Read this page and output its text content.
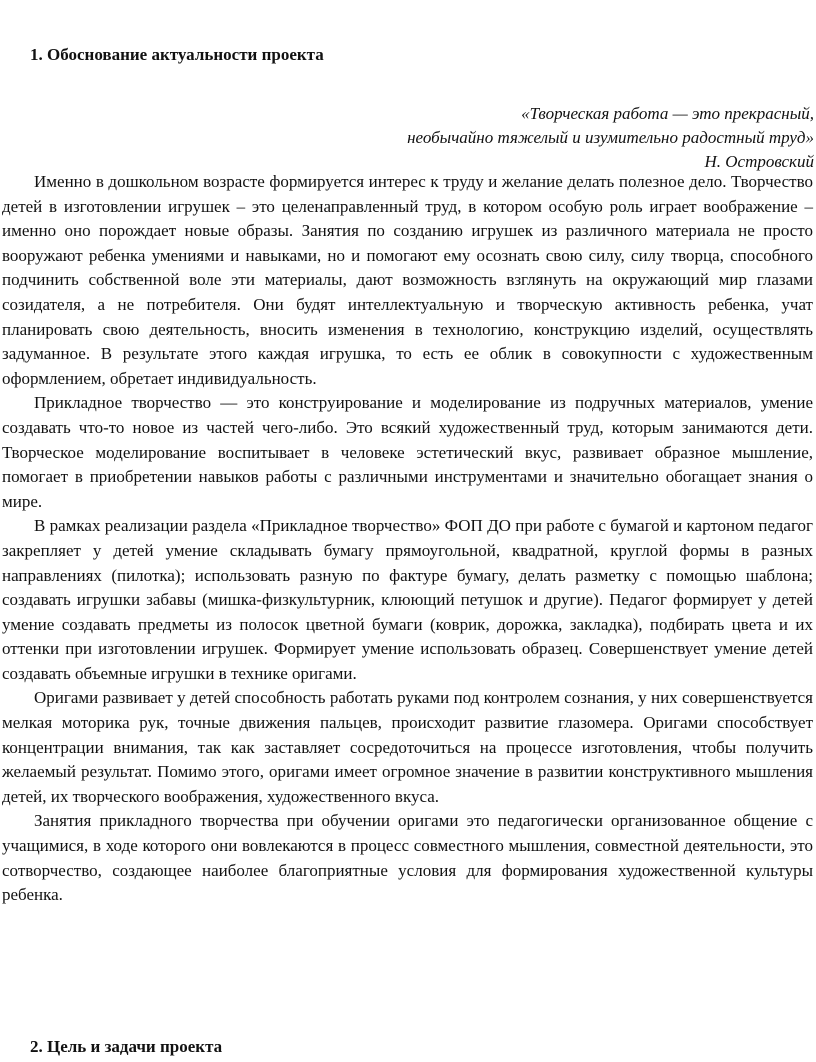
1. Обоснование актуальности проекта
«Творческая работа — это прекрасный,
необычайно тяжелый и изумительно радостный труд»
Н. Островский

Именно в дошкольном возрасте формируется интерес к труду и желание делать полезное дело. Творчество детей в изготовлении игрушек – это целенаправленный труд, в котором особую роль играет воображение – именно оно порождает новые образы. Занятия по созданию игрушек из различного материала не просто вооружают ребенка умениями и навыками, но и помогают ему осознать свою силу, силу творца, способного подчинить собственной воле эти материалы, дают возможность взглянуть на окружающий мир глазами созидателя, а не потребителя. Они будят интеллектуальную и творческую активность ребенка, учат планировать свою деятельность, вносить изменения в технологию, конструкцию изделий, осуществлять задуманное. В результате этого каждая игрушка, то есть ее облик в совокупности с художественным оформлением, обретает индивидуальность.

Прикладное творчество — это конструирование и моделирование из подручных материалов, умение создавать что-то новое из частей чего-либо. Это всякий художественный труд, которым занимаются дети. Творческое моделирование воспитывает в человеке эстетический вкус, развивает образное мышление, помогает в приобретении навыков работы с различными инструментами и значительно обогащает знания о мире.

В рамках реализации раздела «Прикладное творчество» ФОП ДО при работе с бумагой и картоном педагог закрепляет у детей умение складывать бумагу прямоугольной, квадратной, круглой формы в разных направлениях (пилотка); использовать разную по фактуре бумагу, делать разметку с помощью шаблона; создавать игрушки забавы (мишка-физкультурник, клюющий петушок и другие). Педагог формирует у детей умение создавать предметы из полосок цветной бумаги (коврик, дорожка, закладка), подбирать цвета и их оттенки при изготовлении игрушек. Формирует умение использовать образец. Совершенствует умение детей создавать объемные игрушки в технике оригами.

Оригами развивает у детей способность работать руками под контролем сознания, у них совершенствуется мелкая моторика рук, точные движения пальцев, происходит развитие глазомера. Оригами способствует концентрации внимания, так как заставляет сосредоточиться на процессе изготовления, чтобы получить желаемый результат. Помимо этого, оригами имеет огромное значение в развитии конструктивного мышления детей, их творческого воображения, художественного вкуса.

Занятия прикладного творчества при обучении оригами это педагогически организованное общение с учащимися, в ходе которого они вовлекаются в процесс совместного мышления, совместной деятельности, это сотворчество, создающее наиболее благоприятные условия для формирования художественной культуры ребенка.

2. Цель и задачи проекта
